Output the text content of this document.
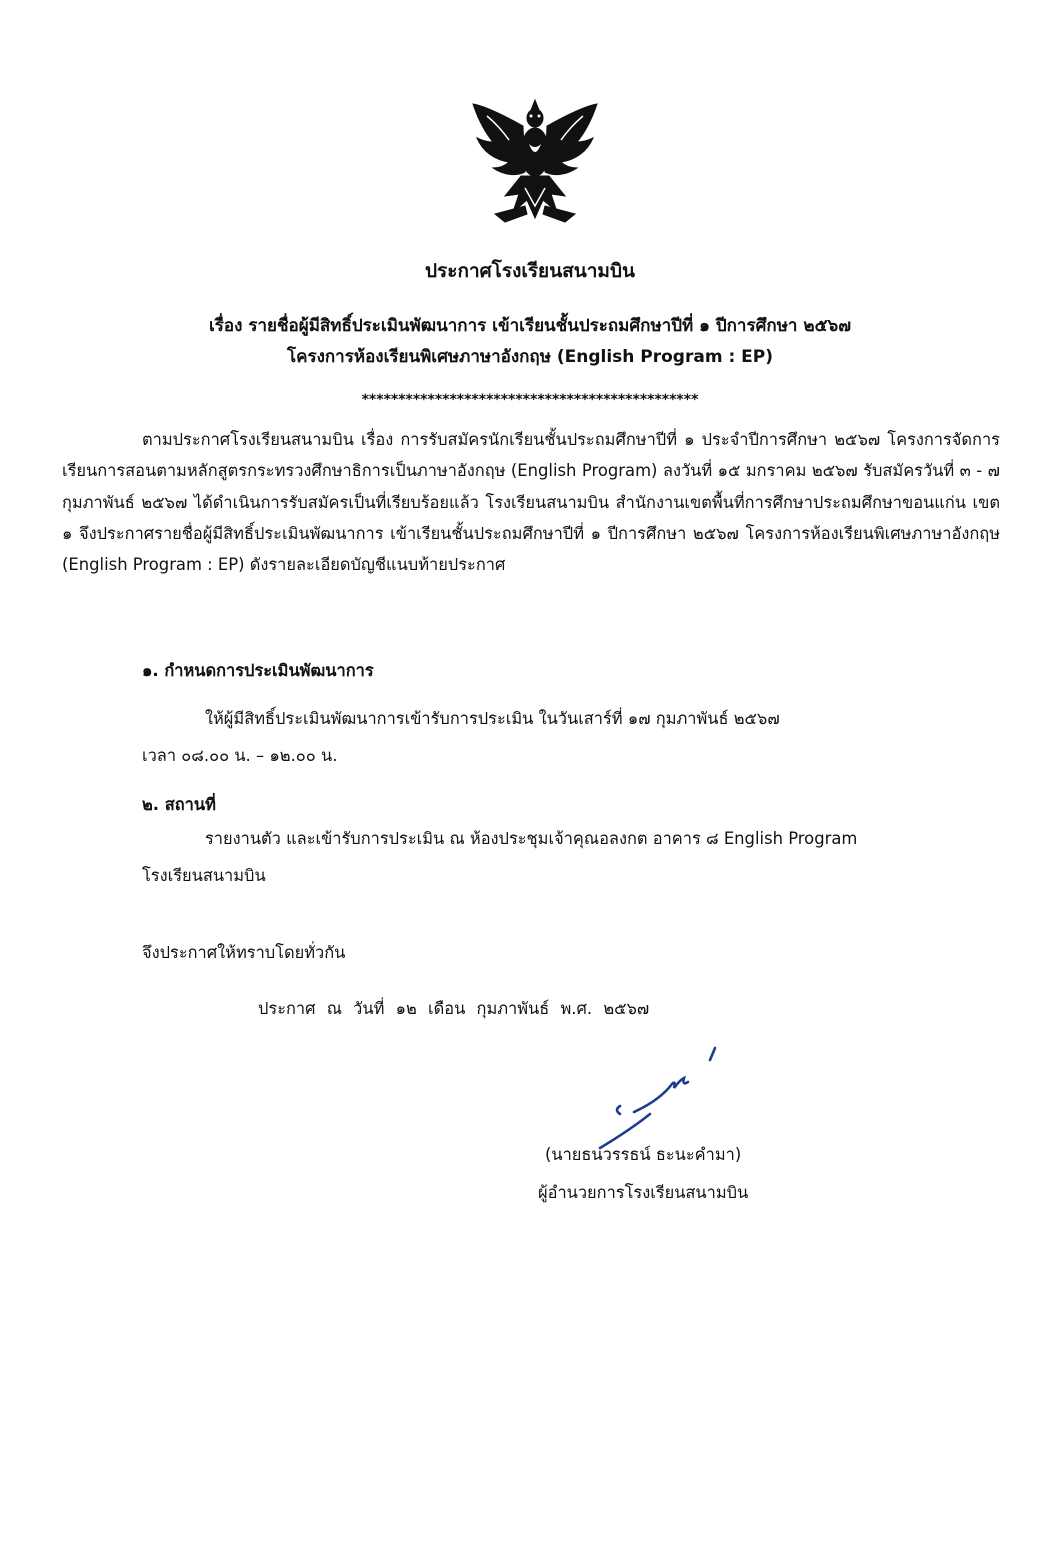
ประกาศโรงเรียนสนามบิน
เรื่อง รายชื่อผู้มีสิทธิ์ประเมินพัฒนาการ เข้าเรียนชั้นประถมศึกษาปีที่ ๑ ปีการศึกษา ๒๕๖๗
โครงการห้องเรียนพิเศษภาษาอังกฤษ (English Program : EP)
**********************************************
ตามประกาศโรงเรียนสนามบิน เรื่อง การรับสมัครนักเรียนชั้นประถมศึกษาปีที่ ๑ ประจำปีการศึกษา ๒๕๖๗ โครงการจัดการเรียนการสอนตามหลักสูตรกระทรวงศึกษาธิการเป็นภาษาอังกฤษ (English Program) ลงวันที่ ๑๕ มกราคม ๒๕๖๗ รับสมัครวันที่ ๓ - ๗ กุมภาพันธ์ ๒๕๖๗ ได้ดำเนินการรับสมัครเป็นที่เรียบร้อยแล้ว โรงเรียนสนามบิน สำนักงานเขตพื้นที่การศึกษาประถมศึกษาขอนแก่น เขต ๑ จึงประกาศรายชื่อผู้มีสิทธิ์ประเมินพัฒนาการ เข้าเรียนชั้นประถมศึกษาปีที่ ๑ ปีการศึกษา ๒๕๖๗ โครงการห้องเรียนพิเศษภาษาอังกฤษ (English Program : EP) ดังรายละเอียดบัญชีแนบท้ายประกาศ
๑. กำหนดการประเมินพัฒนาการ
ให้ผู้มีสิทธิ์ประเมินพัฒนาการเข้ารับการประเมิน ในวันเสาร์ที่ ๑๗ กุมภาพันธ์ ๒๕๖๗
เวลา ๐๘.๐๐ น. – ๑๒.๐๐ น.
๒. สถานที่
รายงานตัว และเข้ารับการประเมิน ณ ห้องประชุมเจ้าคุณอลงกต อาคาร ๘ English Program
โรงเรียนสนามบิน
จึงประกาศให้ทราบโดยทั่วกัน
ประกาศ ณ วันที่ ๑๒ เดือน กุมภาพันธ์ พ.ศ. ๒๕๖๗
(นายธนวรรธน์ ธะนะคำมา)
ผู้อำนวยการโรงเรียนสนามบิน
